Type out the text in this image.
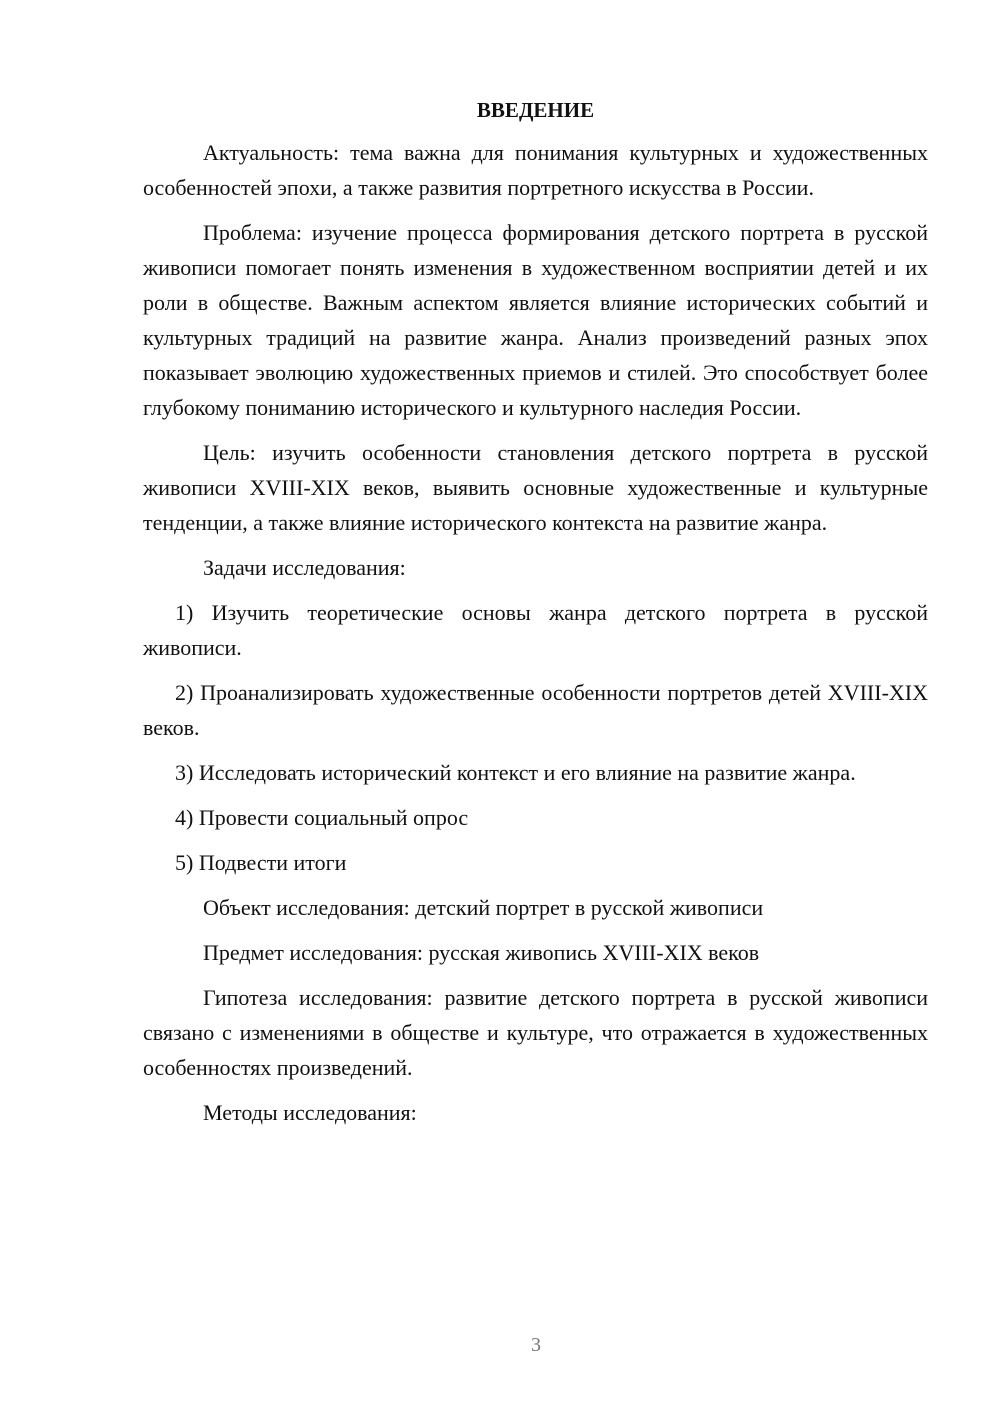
ВВЕДЕНИЕ

Актуальность: тема важна для понимания культурных и художественных особенностей эпохи, а также развития портретного искусства в России.

Проблема: изучение процесса формирования детского портрета в русской живописи помогает понять изменения в художественном восприятии детей и их роли в обществе. Важным аспектом является влияние исторических событий и культурных традиций на развитие жанра. Анализ произведений разных эпох показывает эволюцию художественных приемов и стилей. Это способствует более глубокому пониманию исторического и культурного наследия России.

Цель: изучить особенности становления детского портрета в русской живописи XVIII-XIX веков, выявить основные художественные и культурные тенденции, а также влияние исторического контекста на развитие жанра.

Задачи исследования:

1) Изучить теоретические основы жанра детского портрета в русской живописи.

2) Проанализировать художественные особенности портретов детей XVIII-XIX веков.

3) Исследовать исторический контекст и его влияние на развитие жанра.

4) Провести социальный опрос

5) Подвести итоги

Объект исследования: детский портрет в русской живописи

Предмет исследования: русская живопись XVIII-XIX веков

Гипотеза исследования: развитие детского портрета в русской живописи связано с изменениями в обществе и культуре, что отражается в художественных особенностях произведений.

Методы исследования:

3
